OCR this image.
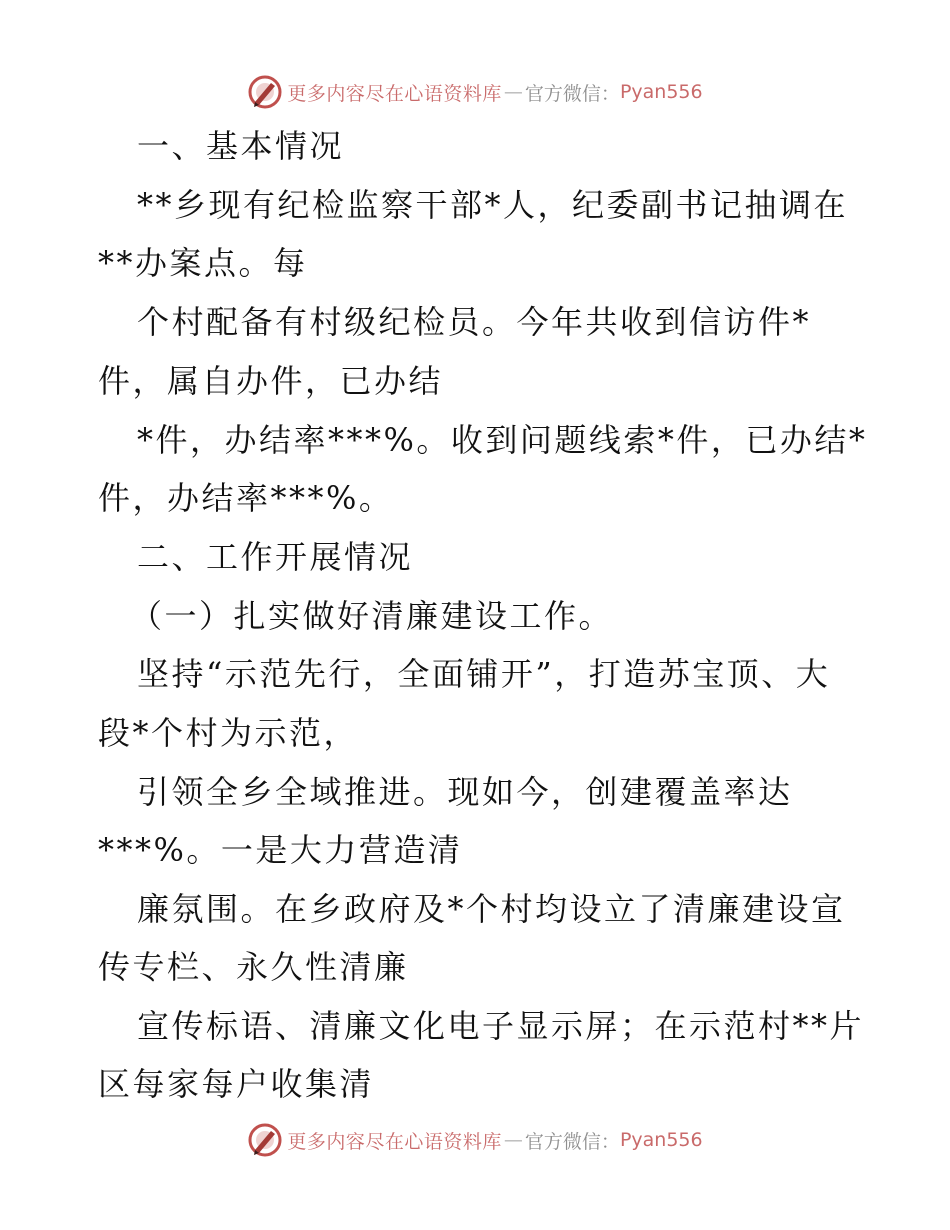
更多内容尽在心语资料库 — 官方微信： Pyan556
一、基本情况
**乡现有纪检监察干部*人，纪委副书记抽调在
**办案点。每
个村配备有村级纪检员。今年共收到信访件*
件，属自办件，已办结
*件，办结率***%。收到问题线索*件，已办结*
件，办结率***%。
二、工作开展情况
（一）扎实做好清廉建设工作。
坚持“示范先行，全面铺开”，打造苏宝顶、大
段*个村为示范，
引领全乡全域推进。现如今，创建覆盖率达
***%。一是大力营造清
廉氛围。在乡政府及*个村均设立了清廉建设宣
传专栏、永久性清廉
宣传标语、清廉文化电子显示屏；在示范村**片
区每家每户收集清
更多内容尽在心语资料库 — 官方微信： Pyan556
